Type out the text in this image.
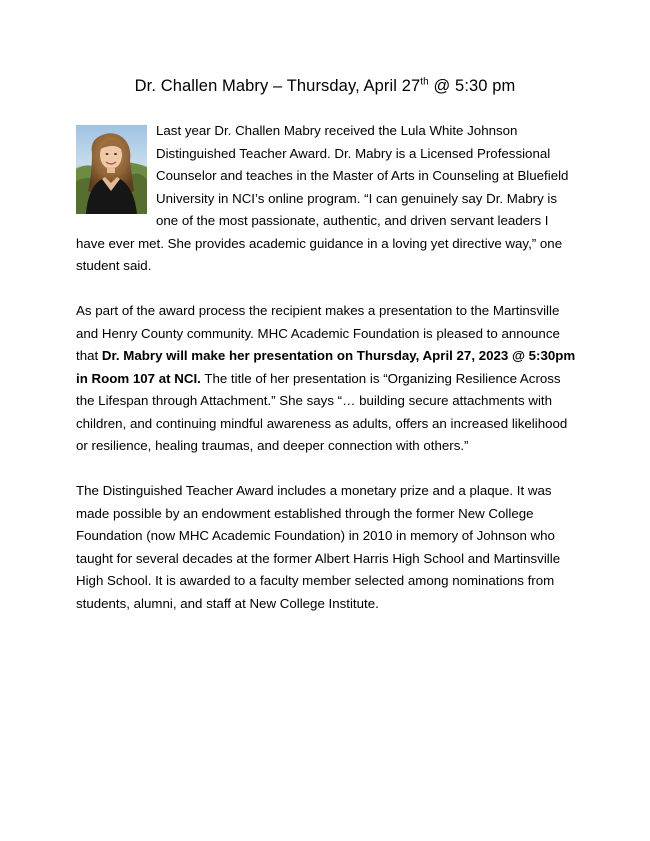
Dr. Challen Mabry – Thursday, April 27th @ 5:30 pm

Last year Dr. Challen Mabry received the Lula White Johnson Distinguished Teacher Award. Dr. Mabry is a Licensed Professional Counselor and teaches in the Master of Arts in Counseling at Bluefield University in NCI’s online program. “I can genuinely say Dr. Mabry is one of the most passionate, authentic, and driven servant leaders I have ever met. She provides academic guidance in a loving yet directive way,” one student said.

As part of the award process the recipient makes a presentation to the Martinsville and Henry County community. MHC Academic Foundation is pleased to announce that Dr. Mabry will make her presentation on Thursday, April 27, 2023 @ 5:30pm in Room 107 at NCI. The title of her presentation is “Organizing Resilience Across the Lifespan through Attachment.” She says “… building secure attachments with children, and continuing mindful awareness as adults, offers an increased likelihood or resilience, healing traumas, and deeper connection with others.”

The Distinguished Teacher Award includes a monetary prize and a plaque. It was made possible by an endowment established through the former New College Foundation (now MHC Academic Foundation) in 2010 in memory of Johnson who taught for several decades at the former Albert Harris High School and Martinsville High School. It is awarded to a faculty member selected among nominations from students, alumni, and staff at New College Institute.
